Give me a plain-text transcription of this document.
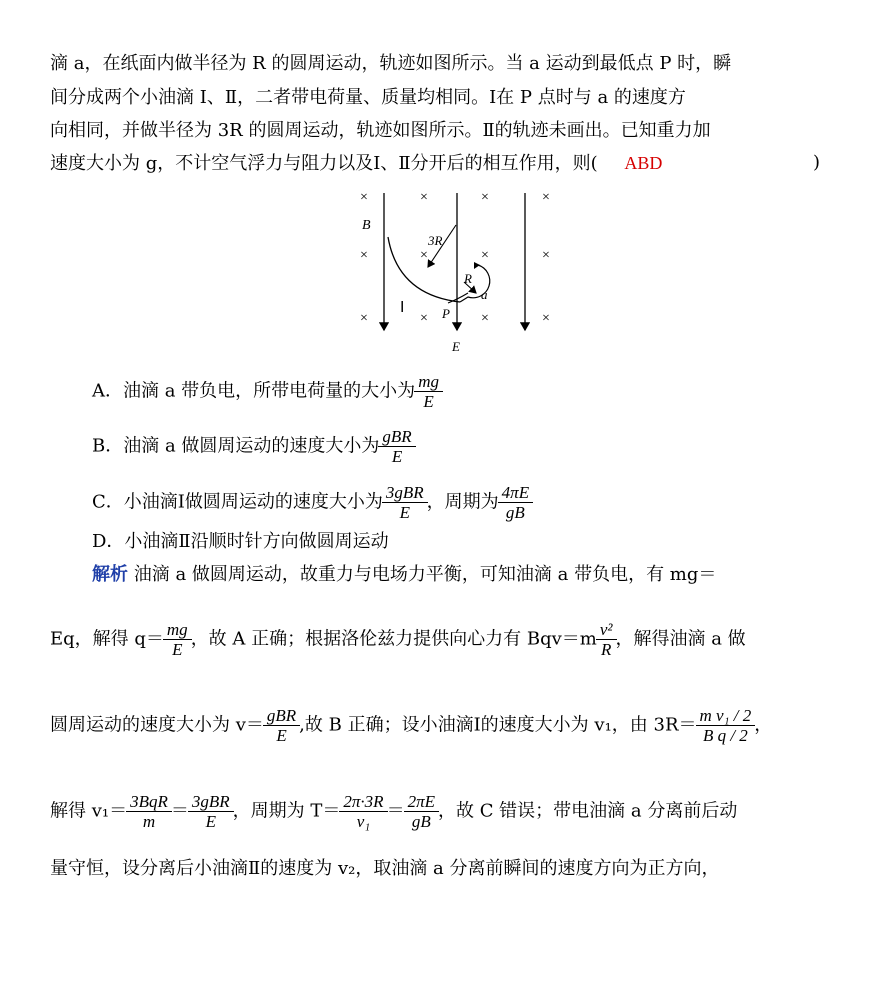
滴 a，在纸面内做半径为 R 的圆周运动，轨迹如图所示。当 a 运动到最低点 P 时，瞬
间分成两个小油滴 Ⅰ、Ⅱ，二者带电荷量、质量均相同。Ⅰ在 P 点时与 a 的速度方
向相同，并做半径为 3R 的圆周运动，轨迹如图所示。Ⅱ的轨迹未画出。已知重力加
速度大小为 g，不计空气浮力与阻力以及Ⅰ、Ⅱ分开后的相互作用，则( ABD	)
×	×	×	×
×	×	×	×
×	×	×	×
B
3R
R
a
Ⅰ	P
E
A．油滴 a 带负电，所带电荷量的大小为 $\frac{mg}{E}$
B．油滴 a 做圆周运动的速度大小为 $\frac{\text{gBR}}{E}$
C．小油滴Ⅰ做圆周运动的速度大小为 $\frac{\text{3gBR}}{E}$ ，周期为 $\frac{4\pi E}{gB}$
D．小油滴Ⅱ沿顺时针方向做圆周运动
解析 油滴 a 做圆周运动，故重力与电场力平衡，可知油滴 a 带负电，有 mg＝
Eq，解得 $q= \frac{mg}{E}$ ，故 A 正确；根据洛伦兹力提供向心力有 $Bqv=m \frac{\text{v²}}{R}$ ，解得油滴 a 做
圆周运动的速度大小为 $v= \frac{\text{gBR}}{E}$ ,故 B 正确；设小油滴Ⅰ的速度大小为 v₁，由 $3R= \frac{\text{m v₁ / 2}}{\text{B q / 2}}$ ，
解得 $v_1= \frac{\text{3BqR}}{m} = \frac{\text{3gBR}}{E}$ ，周期为 $T= \frac{2\pi\cdot 3R}{\text{v₁}} = \frac{2\pi E}{gB}$ ，故 C 错误；带电油滴 a 分离前后动
量守恒，设分离后小油滴Ⅱ的速度为 v₂，取油滴 a 分离前瞬间的速度方向为正方向，
